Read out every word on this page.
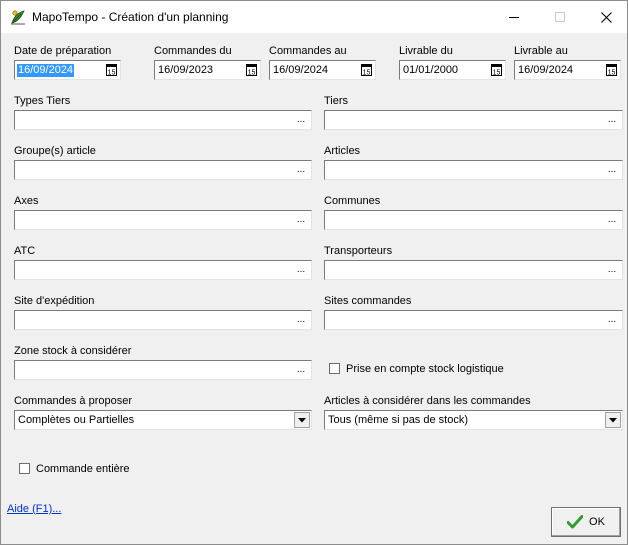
MapoTempo - Création d'un planning
Date de préparation
16/09/2024	15
Commandes du
16/09/2023	15
Commandes au
16/09/2024	15
Livrable du
01/01/2000	15
Livrable au
16/09/2024	15
Types Tiers
...
Tiers
...
Groupe(s) article
...
Articles
...
Axes
...
Communes
...
ATC
...
Transporteurs
...
Site d'expédition
...
Sites commandes
...
Zone stock à considérer
...	Prise en compte stock logistique
Commandes à proposer
Complètes ou Partielles
Articles à considérer dans les commandes
Tous (même si pas de stock)
Commande entière
Aide (F1)...
OK
